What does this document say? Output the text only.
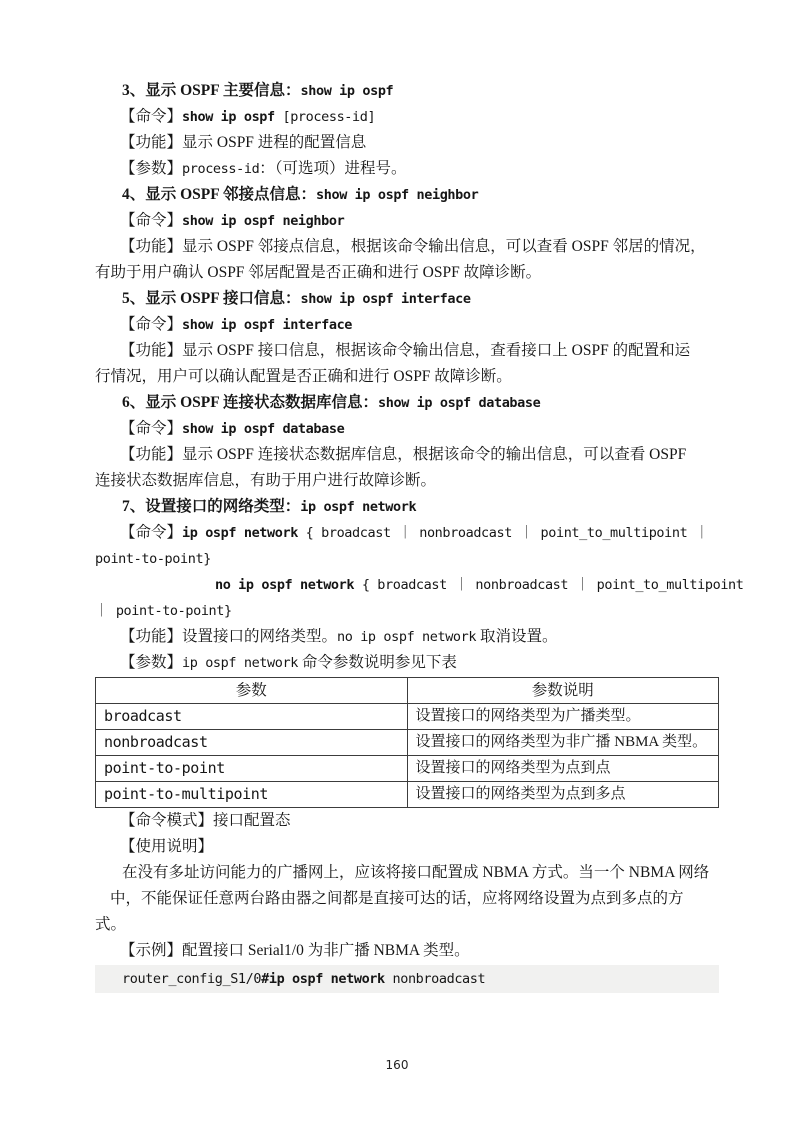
3、显示 OSPF 主要信息：show ip ospf
【命令】show ip ospf [process-id]
【功能】显示 OSPF 进程的配置信息
【参数】process-id：（可选项）进程号。
4、显示 OSPF 邻接点信息：show ip ospf neighbor
【命令】show ip ospf neighbor
【功能】显示 OSPF 邻接点信息，根据该命令输出信息，可以查看 OSPF 邻居的情况，
有助于用户确认 OSPF 邻居配置是否正确和进行 OSPF 故障诊断。
5、显示 OSPF 接口信息：show ip ospf interface
【命令】show ip ospf interface
【功能】显示 OSPF 接口信息，根据该命令输出信息，查看接口上 OSPF 的配置和运
行情况，用户可以确认配置是否正确和进行 OSPF 故障诊断。
6、显示 OSPF 连接状态数据库信息：show ip ospf database
【命令】show ip ospf database
【功能】显示 OSPF 连接状态数据库信息，根据该命令的输出信息，可以查看 OSPF
连接状态数据库信息，有助于用户进行故障诊断。
7、设置接口的网络类型：ip ospf network
【命令】ip ospf network { broadcast ｜ nonbroadcast ｜ point_to_multipoint ｜
point-to-point}
no ip ospf network { broadcast ｜ nonbroadcast ｜ point_to_multipoint
｜ point-to-point}
【功能】设置接口的网络类型。no ip ospf network 取消设置。
【参数】ip ospf network 命令参数说明参见下表
参数	参数说明
broadcast	设置接口的网络类型为广播类型。
nonbroadcast	设置接口的网络类型为非广播 NBMA 类型。
point-to-point	设置接口的网络类型为点到点
point-to-multipoint	设置接口的网络类型为点到多点
【命令模式】接口配置态
【使用说明】
在没有多址访问能力的广播网上，应该将接口配置成 NBMA 方式。当一个 NBMA 网络
中，不能保证任意两台路由器之间都是直接可达的话，应将网络设置为点到多点的方
式。
【示例】配置接口 Serial1/0 为非广播 NBMA 类型。
router_config_S1/0#ip ospf network nonbroadcast
160
